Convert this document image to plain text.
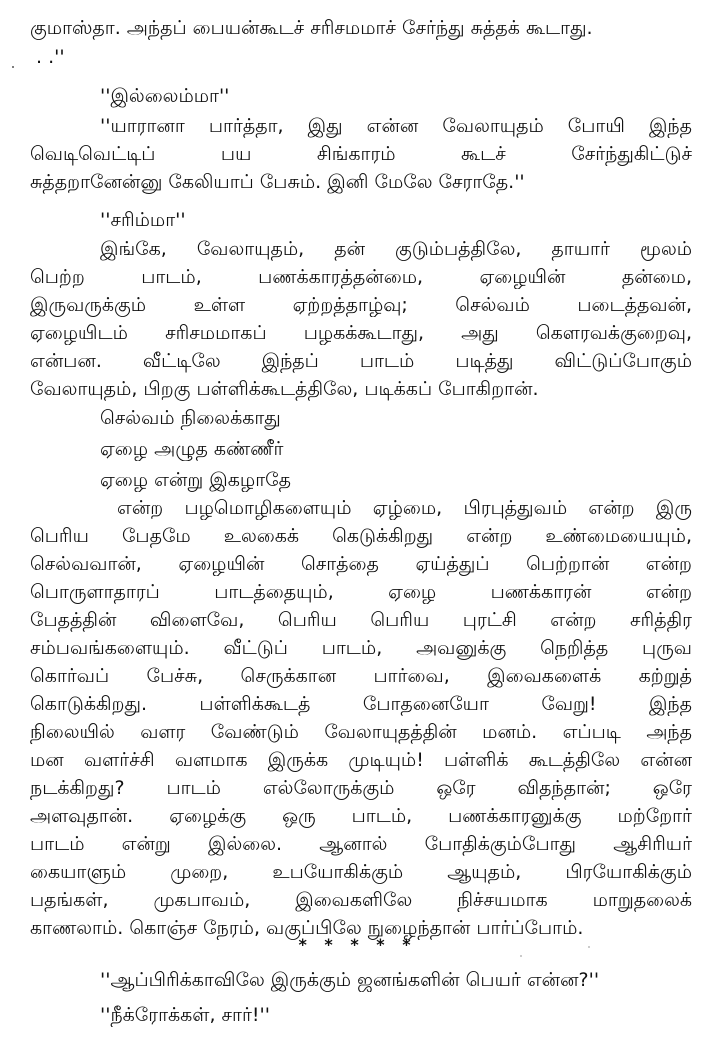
குமாஸ்தா. அந்தப் பையன்கூடச் சரிசமமாச் சேர்ந்து சுத்தக் கூடாது.
. .''
''இல்லைம்மா''
''யாரானா பார்த்தா, இது என்ன வேலாயுதம் போயி இந்த
வெடிவெட்டிப் பய சிங்காரம் கூடச் சேர்ந்துகிட்டுச்
சுத்தறானேன்னு கேலியாப் பேசும். இனி மேலே சேராதே.''
''சரிம்மா''
இங்கே, வேலாயுதம், தன் குடும்பத்திலே, தாயார் மூலம்
பெற்ற பாடம், பணக்காரத்தன்மை, ஏழையின் தன்மை,
இருவருக்கும் உள்ள ஏற்றத்தாழ்வு; செல்வம் படைத்தவன்,
ஏழையிடம் சரிசமமாகப் பழகக்கூடாது, அது கௌரவக்குறைவு,
என்பன. வீட்டிலே இந்தப் பாடம் படித்து விட்டுப்போகும்
வேலாயுதம், பிறகு பள்ளிக்கூடத்திலே, படிக்கப் போகிறான்.
செல்வம் நிலைக்காது
ஏழை அழுத கண்ணீர்
ஏழை என்று இகழாதே
என்ற பழமொழிகளையும் ஏழ்மை, பிரபுத்துவம் என்ற இரு
பெரிய பேதமே உலகைக் கெடுக்கிறது என்ற உண்மையையும்,
செல்வவான், ஏழையின் சொத்தை ஏய்த்துப் பெற்றான் என்ற
பொருளாதாரப் பாடத்தையும், ஏழை பணக்காரன் என்ற
பேதத்தின் விளைவே, பெரிய பெரிய புரட்சி என்ற சரித்திர
சம்பவங்களையும். வீட்டுப் பாடம், அவனுக்கு நெறித்த புருவ
கொர்வப் பேச்சு, செருக்கான பார்வை, இவைகளைக் கற்றுத்
கொடுக்கிறது. பள்ளிக்கூடத் போதனையோ வேறு! இந்த
நிலையில் வளர வேண்டும் வேலாயுதத்தின் மனம். எப்படி அந்த
மன வளர்ச்சி வளமாக இருக்க முடியும்! பள்ளிக் கூடத்திலே என்ன
நடக்கிறது? பாடம் எல்லோருக்கும் ஒரே விதந்தான்; ஒரே
அளவுதான். ஏழைக்கு ஒரு பாடம், பணக்காரனுக்கு மற்றோர்
பாடம் என்று இல்லை. ஆனால் போதிக்கும்போது ஆசிரியர்
கையாளும் முறை, உபயோகிக்கும் ஆயுதம், பிரயோகிக்கும்
பதங்கள், முகபாவம், இவைகளிலே நிச்சயமாக மாறுதலைக்
காணலாம். கொஞ்ச நேரம், வகுப்பிலே நுழைந்தான் பார்ப்போம்.
* * * * *
''ஆப்பிரிக்காவிலே இருக்கும் ஜனங்களின் பெயர் என்ன?''
''நீக்ரோக்கள், சார்!''
